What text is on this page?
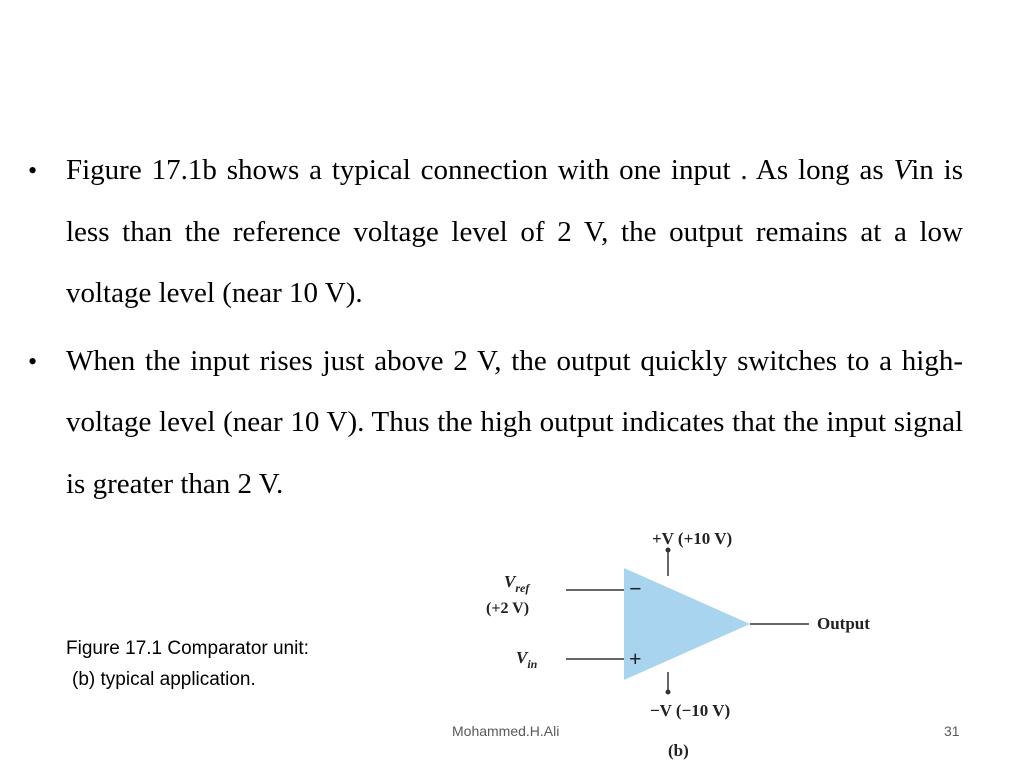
• Figure 17.1b shows a typical connection with one input . As long as Vin is less than the reference voltage level of 2 V, the output remains at a low voltage level (near 10 V).
• When the input rises just above 2 V, the output quickly switches to a high-voltage level (near 10 V). Thus the high output indicates that the input signal is greater than 2 V.
Figure 17.1 Comparator unit:
(b) typical application.
+V (+10 V)
$V_{ref}$
(+2 V)
−
$V_{in}$	+
Output
−V (−10 V)
(b)
Mohammed.H.Ali	31
